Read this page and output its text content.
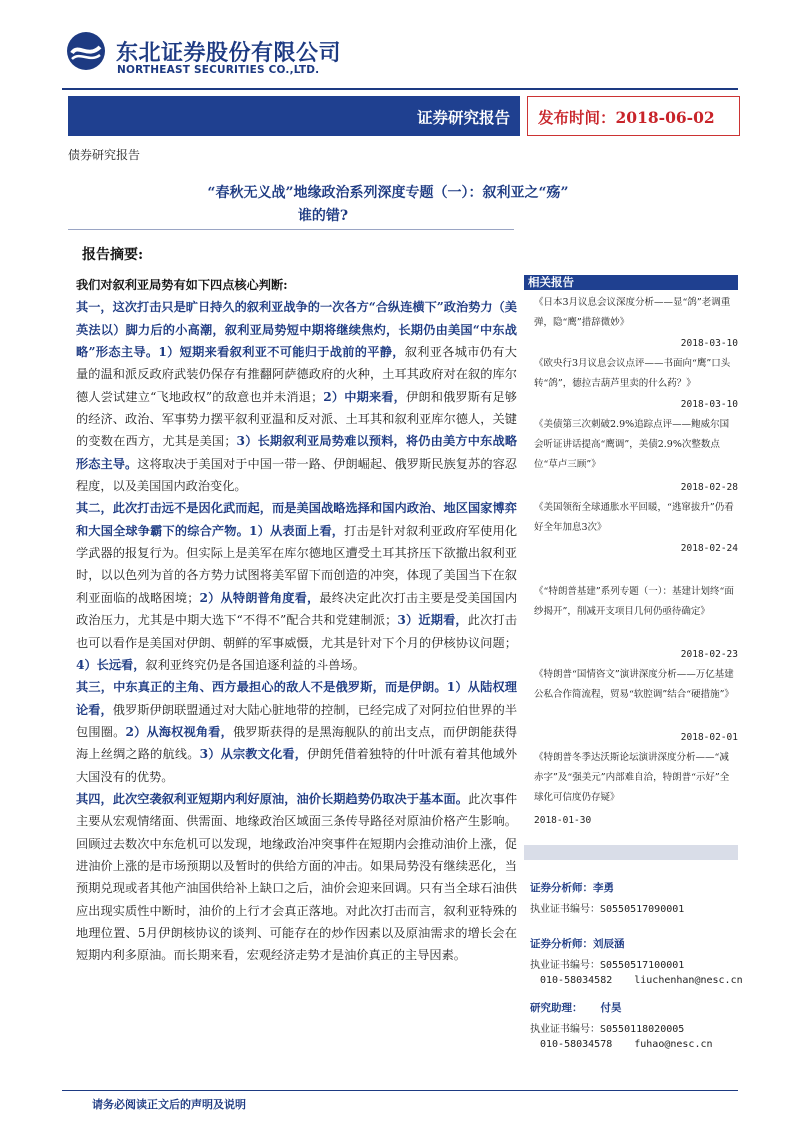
东北证券股份有限公司
NORTHEAST SECURITIES CO.,LTD.
证券研究报告 发布时间：2018-06-02
债券研究报告
“春秋无义战”地缘政治系列深度专题（一）：叙利亚之“殇”
谁的错?
报告摘要:

我们对叙利亚局势有如下四点核心判断:

其一，这次打击只是旷日持久的叙利亚战争的一次各方“合纵连横下”政治势力（美英法以）脚力后的小高潮，叙利亚局势短中期将继续焦灼，长期仍由美国“中东战略”形态主导。1）短期来看叙利亚不可能归于战前的平静，叙利亚各城市仍有大量的温和派反政府武装仍保存有推翻阿萨德政府的火种，土耳其政府对在叙的库尔德人尝试建立“飞地政权”的敌意也并未消退；2）中期来看，伊朗和俄罗斯有足够的经济、政治、军事势力摆平叙利亚温和反对派、土耳其和叙利亚库尔德人，关键的变数在西方，尤其是美国；3）长期叙利亚局势难以预料，将仍由美方中东战略形态主导。这将取决于美国对于中国一带一路、伊朗崛起、俄罗斯民族复苏的容忍程度，以及美国国内政治变化。

其二，此次打击远不是因化武而起，而是美国战略选择和国内政治、地区国家博弈和大国全球争霸下的综合产物。1）从表面上看，打击是针对叙利亚政府军使用化学武器的报复行为。但实际上是美军在库尔德地区遭受土耳其挤压下欲撤出叙利亚时，以以色列为首的各方势力试图将美军留下而创造的冲突，体现了美国当下在叙利亚面临的战略困境；2）从特朗普角度看，最终决定此次打击主要是受美国国内政治压力，尤其是中期大选下“不得不”配合共和党建制派；3）近期看，此次打击也可以看作是美国对伊朗、朝鲜的军事威慑，尤其是针对下个月的伊核协议问题；4）长远看，叙利亚终究仍是各国追逐利益的斗兽场。

其三，中东真正的主角、西方最担心的敌人不是俄罗斯，而是伊朗。1）从陆权理论看，俄罗斯伊朗联盟通过对大陆心脏地带的控制，已经完成了对阿拉伯世界的半包围圈。2）从海权视角看，俄罗斯获得的是黑海舰队的前出支点，而伊朗能获得海上丝绸之路的航线。3）从宗教文化看，伊朗凭借着独特的什叶派有着其他域外大国没有的优势。

其四，此次空袭叙利亚短期内利好原油，油价长期趋势仍取决于基本面。此次事件主要从宏观情绪面、供需面、地缘政治区域面三条传导路径对原油价格产生影响。回顾过去数次中东危机可以发现，地缘政治冲突事件在短期内会推动油价上涨，促进油价上涨的是市场预期以及暂时的供给方面的冲击。如果局势没有继续恶化，当预期兑现或者其他产油国供给补上缺口之后，油价会迎来回调。只有当全球石油供应出现实质性中断时，油价的上行才会真正落地。对此次打击而言，叙利亚特殊的地理位置、5月伊朗核协议的谈判、可能存在的炒作因素以及原油需求的增长会在短期内利多原油。而长期来看，宏观经济走势才是油价真正的主导因素。

相关报告
《日本3月议息会议深度分析——显“鸽”老调重弹，隐“鹰”措辞微妙》
2018-03-10
《欧央行3月议息会议点评——书面向“鹰”口头转“鸽”，德拉吉葫芦里卖的什么药？》
2018-03-10
《美债第三次刺破2.9%追踪点评——鲍威尔国会听证讲话提高“鹰调”，美债2.9%次整数点位“草卢三顾”》
2018-02-28
《美国领衔全球通胀水平回暖，“逃窜拔升”仍看好全年加息3次》
2018-02-24
《“特朗普基建”系列专题（一）：基建计划终“面纱揭开”，削减开支项目几何仍亟待确定》
2018-02-23
《特朗普“国情咨文”演讲深度分析——万亿基建公私合作简流程，贸易“软腔调”结合“硬措施”》
2018-02-01
《特朗普冬季达沃斯论坛演讲深度分析——“减赤字”及“强美元”内部难自洽，特朗普“示好”全球化可信度仍存疑》
2018-01-30
证券分析师：李勇
执业证书编号：S0550517090001
证券分析师：刘辰涵
执业证书编号：S0550517100001
010-58034582 liuchenhan@nesc.cn
研究助理： 付昊
执业证书编号：S0550118020005
010-58034578 fuhao@nesc.cn
请务必阅读正文后的声明及说明
